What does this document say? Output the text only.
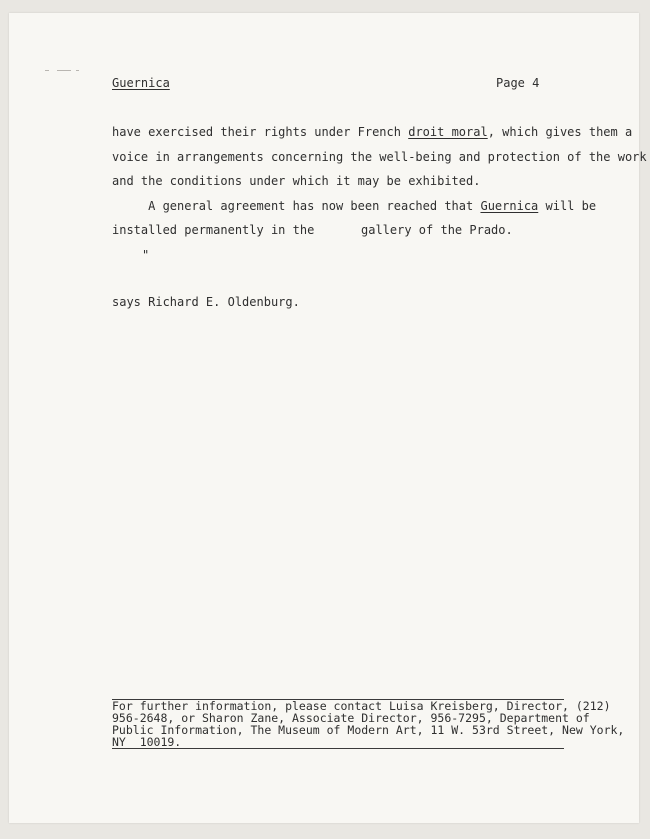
Guernica	Page 4
have exercised their rights under French droit moral, which gives them a
voice in arrangements concerning the well-being and protection of the work
and the conditions under which it may be exhibited.
A general agreement has now been reached that Guernica will be
installed permanently in the	gallery of the Prado.
"
says Richard E. Oldenburg.
For further information, please contact Luisa Kreisberg, Director, (212)
956-2648, or Sharon Zane, Associate Director, 956-7295, Department of
Public Information, The Museum of Modern Art, 11 W. 53rd Street, New York,
NY  10019.
